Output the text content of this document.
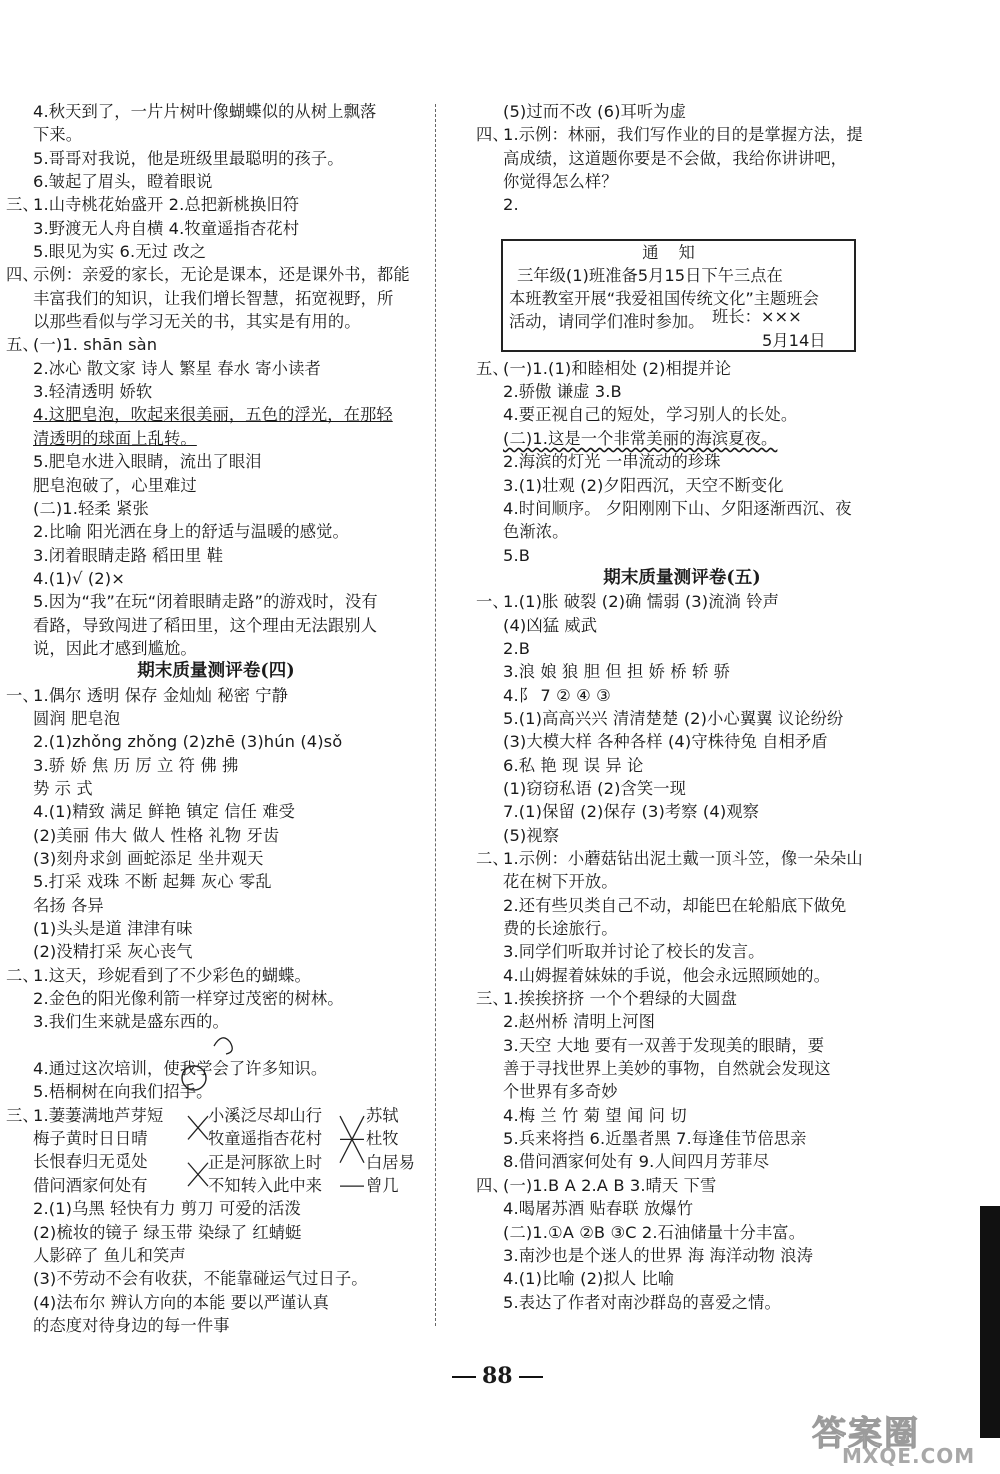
4.秋天到了，一片片树叶像蝴蝶似的从树上飘落
下来。
5.哥哥对我说，他是班级里最聪明的孩子。
6.皱起了眉头，瞪着眼说
三、
1.山寺桃花始盛开 2.总把新桃换旧符
3.野渡无人舟自横 4.牧童遥指杏花村
5.眼见为实 6.无过 改之
四、
示例：亲爱的家长，无论是课本，还是课外书，都能
丰富我们的知识，让我们增长智慧，拓宽视野，所
以那些看似与学习无关的书，其实是有用的。
五、
(一)1. shān sàn
2.冰心 散文家 诗人 繁星 春水 寄小读者
3.轻清透明 娇软
4.这肥皂泡，吹起来很美丽，五色的浮光，在那轻
清透明的球面上乱转。
5.肥皂水进入眼睛，流出了眼泪
肥皂泡破了，心里难过
(二)1.轻柔 紧张
2.比喻 阳光洒在身上的舒适与温暖的感觉。
3.闭着眼睛走路 稻田里 鞋
4.(1)√ (2)×
5.因为“我”在玩“闭着眼睛走路”的游戏时，没有
看路，导致闯进了稻田里，这个理由无法跟别人
说，因此才感到尴尬。
期末质量测评卷(四)
一、
1.偶尔 透明 保存 金灿灿 秘密 宁静
圆润 肥皂泡
2.(1)zhǒng zhǒng (2)zhē (3)hún (4)sǒ
3.骄 娇 焦 历 厉 立 符 佛 拂
势 示 式
4.(1)精致 满足 鲜艳 镇定 信任 难受
(2)美丽 伟大 做人 性格 礼物 牙齿
(3)刻舟求剑 画蛇添足 坐井观天
5.打采 戏珠 不断 起舞 灰心 零乱
名扬 各异
(1)头头是道 津津有味
(2)没精打采 灰心丧气
二、
1.这天，珍妮看到了不少彩色的蝴蝶。
2.金色的阳光像利箭一样穿过茂密的树林。
3.我们生来就是盛东西的。
4.通过这次培训，使我学会了许多知识。
5.梧桐树在向我们招手。
三、
1.萋萋满地芦芽短
梅子黄时日日晴
长恨春归无觅处
借问酒家何处有
2.(1)乌黑 轻快有力 剪刀 可爱的活泼
(2)梳妆的镜子 绿玉带 染绿了 红蜻蜓
人影碎了 鱼儿和笑声
(3)不劳动不会有收获，不能靠碰运气过日子。
(4)法布尔 辨认方向的本能 要以严谨认真
的态度对待身边的每一件事
(5)过而不改 (6)耳听为虚
四、
1.示例：林丽，我们写作业的目的是掌握方法，提
高成绩，这道题你要是不会做，我给你讲讲吧，
你觉得怎么样？
2.
五、
(一)1.(1)和睦相处 (2)相提并论
2.骄傲 谦虚 3.B
4.要正视自己的短处，学习别人的长处。
(二)1.这是一个非常美丽的海滨夏夜。
2.海滨的灯光 一串流动的珍珠
3.(1)壮观 (2)夕阳西沉，天空不断变化
4.时间顺序。 夕阳刚刚下山、夕阳逐渐西沉、夜
色渐浓。
5.B
期末质量测评卷(五)
一、
1.(1)胀 破裂 (2)确 懦弱 (3)流淌 铃声
(4)凶猛 威武
2.B
3.浪 娘 狼 胆 但 担 娇 桥 轿 骄
4.阝 7 ② ④ ③
5.(1)高高兴兴 清清楚楚 (2)小心翼翼 议论纷纷
(3)大模大样 各种各样 (4)守株待兔 自相矛盾
6.私 艳 现 误 异 论
(1)窃窃私语 (2)含笑一现
7.(1)保留 (2)保存 (3)考察 (4)观察
(5)视察
二、
1.示例：小蘑菇钻出泥土戴一顶斗笠，像一朵朵山
花在树下开放。
2.还有些贝类自己不动，却能巴在轮船底下做免
费的长途旅行。
3.同学们听取并讨论了校长的发言。
4.山姆握着妹妹的手说，他会永远照顾她的。
三、
1.挨挨挤挤 一个个碧绿的大圆盘
2.赵州桥 清明上河图
3.天空 大地 要有一双善于发现美的眼睛，要
善于寻找世界上美妙的事物，自然就会发现这
个世界有多奇妙
4.梅 兰 竹 菊 望 闻 问 切
5.兵来将挡 6.近墨者黑 7.每逢佳节倍思亲
8.借问酒家何处有 9.人间四月芳菲尽
四、
(一)1.B A 2.A B 3.晴天 下雪
4.喝屠苏酒 贴春联 放爆竹
(二)1.①A ②B ③C 2.石油储量十分丰富。
3.南沙也是个迷人的世界 海 海洋动物 浪涛
4.(1)比喻 (2)拟人 比喻
5.表达了作者对南沙群岛的喜爱之情。
通知
三年级(1)班准备5月15日下午三点在
本班教室开展“我爱祖国传统文化”主题班会
活动，请同学们准时参加。 班长：×××
5月14日
88
答案圈
MXQE.COM
小溪泛尽却山行
牧童遥指杏花村
正是河豚欲上时
不知转入此中来
苏轼
杜牧
白居易
曾几
